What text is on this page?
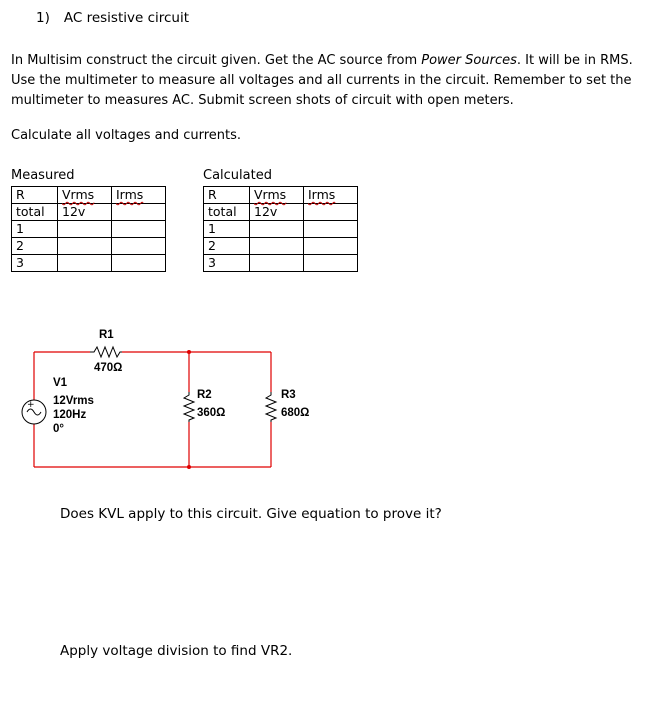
1) AC resistive circuit
In Multisim construct the circuit given. Get the AC source from Power Sources. It will be in RMS. Use the multimeter to measure all voltages and all currents in the circuit. Remember to set the multimeter to measures AC. Submit screen shots of circuit with open meters.
Calculate all voltages and currents.
Measured
R	Vrms	Irms
total	12v	
1		
2		
3		
Calculated
R	Vrms	Irms
total	12v	
1		
2		
3		
+
R1
470Ω
V1
12Vrms
120Hz
0°
R2
360Ω
R3
680Ω
Does KVL apply to this circuit. Give equation to prove it?
Apply voltage division to find VR2.
